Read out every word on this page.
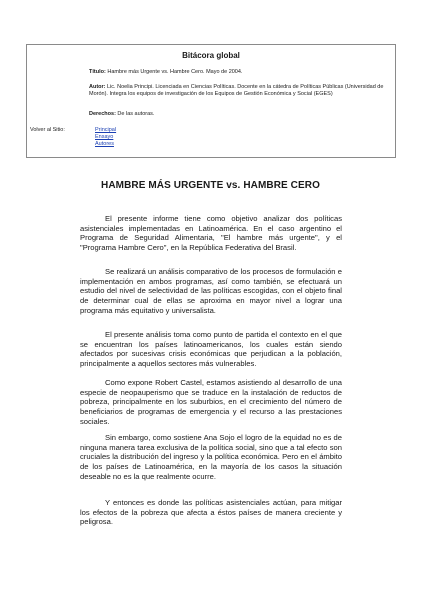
Bitácora global
Título: Hambre más Urgente vs. Hambre Cero. Mayo de 2004.
Autor: Lic. Noelia Principi. Licenciada en Ciencias Políticas. Docente en la cátedra de Políticas Públicas (Universidad de Morón). Integra los equipos de investigación de los Equipos de Gestión Económica y Social (EGES)
Derechos: De las autoras.
Volver al Sitio:	Principal
Ensayo
Autores
HAMBRE MÁS URGENTE vs. HAMBRE CERO

El presente informe tiene como objetivo analizar dos políticas asistenciales implementadas en Latinoamérica. En el caso argentino el Programa de Seguridad Alimentaria, "El hambre más urgente", y el "Programa Hambre Cero", en la República Federativa del Brasil.

Se realizará un análisis comparativo de los procesos de formulación e implementación en ambos programas, así como también, se efectuará un estudio del nivel de selectividad de las políticas escogidas, con el objeto final de determinar cual de ellas se aproxima en mayor nivel a lograr una programa más equitativo y universalista.

El presente análisis toma como punto de partida el contexto en el que se encuentran los países latinoamericanos, los cuales están siendo afectados por sucesivas crisis económicas que perjudican a la población, principalmente a aquellos sectores más vulnerables.

Como expone Robert Castel, estamos asistiendo al desarrollo de una especie de neopauperismo que se traduce en la instalación de reductos de pobreza, principalmente en los suburbios, en el crecimiento del número de beneficiarios de programas de emergencia y el recurso a las prestaciones sociales.

Sin embargo, como sostiene Ana Sojo el logro de la equidad no es de ninguna manera tarea exclusiva de la política social, sino que a tal efecto son cruciales la distribución del ingreso y la política económica. Pero en el ámbito de los países de Latinoamérica, en la mayoría de los casos la situación deseable no es la que realmente ocurre.

Y entonces es donde las políticas asistenciales actúan, para mitigar los efectos de la pobreza que afecta a éstos países de manera creciente y peligrosa.
